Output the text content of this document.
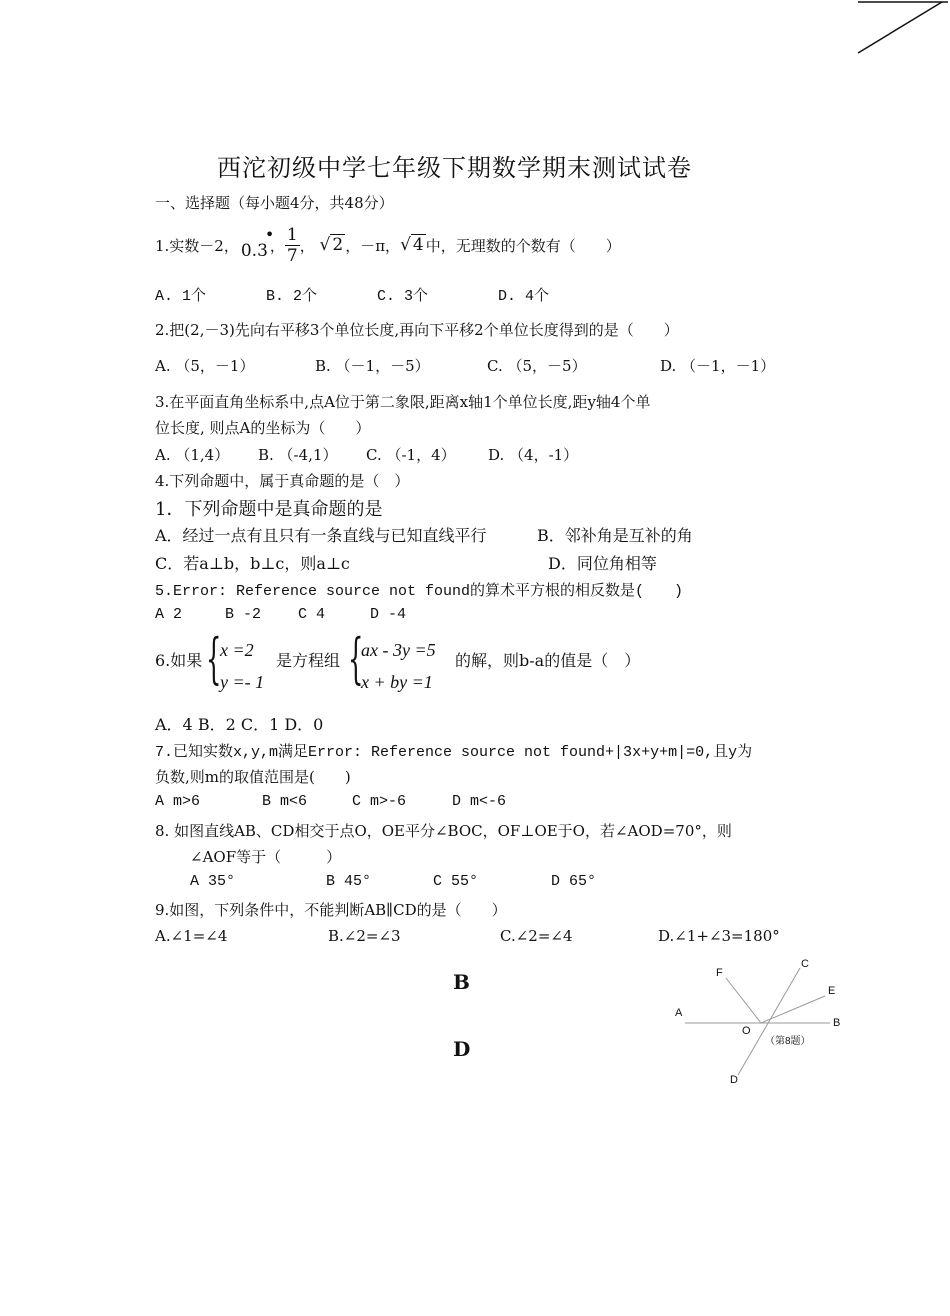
西沱初级中学七年级下期数学期末测试试卷
一、选择题（每小题4分，共48分）
1.实数－2， 0.3
•
， $\frac{1}{7}$ ， √ 2 ，－π， √ 4 中，无理数的个数有（　　）
A. 1个	B. 2个	C. 3个	D. 4个
2.把(2,－3)先向右平移3个单位长度,再向下平移2个单位长度得到的是（　　）
A. （5，－1）	B. （－1，－5）	C. （5，－5）	D. （－1，－1）
3.在平面直角坐标系中,点A位于第二象限,距离x轴1个单位长度,距y轴4个单
位长度, 则点A的坐标为（　　）
A. （1,4） B. （-4,1） C. （-1，4） D. （4，-1）
4.下列命题中，属于真命题的是（　）
1．下列命题中是真命题的是
A．经过一点有且只有一条直线与已知直线平行	B．邻补角是互补的角
C．若a⊥b，b⊥c，则a⊥c	D．同位角相等
5.Error: Reference source not found的算术平方根的相反数是(　　)
A 2	B -2 C 4	D -4
6.如果 {
x =2
y =- 1
是方程组 {
ax - 3y =5
x + by =1
的解，则b-a的值是（　）
A．4 B．2 C．1 D．0
7.已知实数x,y,m满足Error: Reference source not found+|3x+y+m|=0,且y为
负数,则m的取值范围是(　　)
A m>6	B m<6	C m>-6	D m<-6
8. 如图直线AB、CD相交于点O，OE平分∠BOC，OF⊥OE于O，若∠AOD=70°，则
∠AOF等于（　　　）
A 35°	B 45°	C 55°	D 65°
9.如图，下列条件中，不能判断AB∥CD的是（　　）
A.∠1=∠4	B.∠2=∠3	C.∠2=∠4	D.∠1+∠3=180°
B
D
F
C
E
A
O
B
（第8题）
D
